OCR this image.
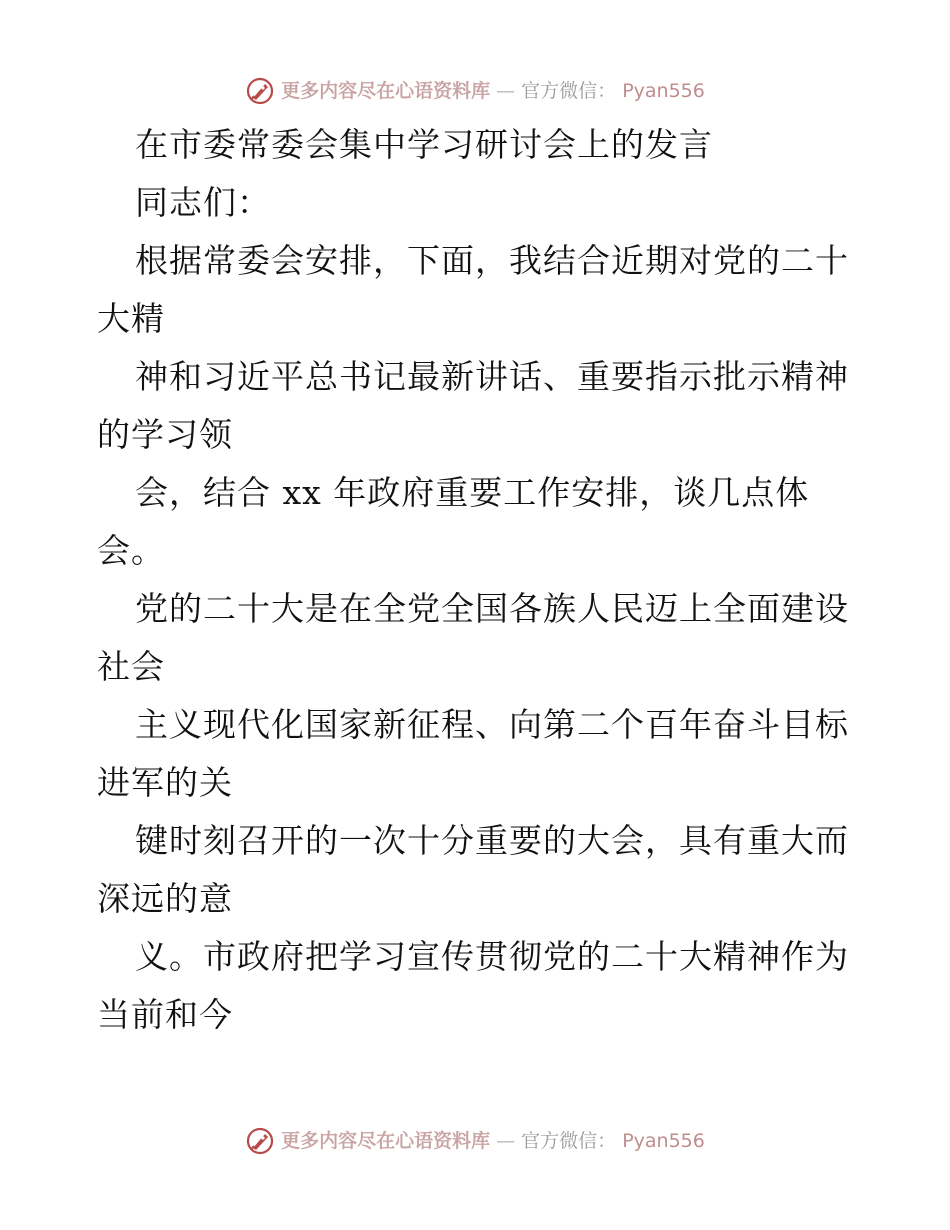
更多内容尽在心语资料库 — 官方微信： Pyan556
在市委常委会集中学习研讨会上的发言
同志们：
根据常委会安排，下面，我结合近期对党的二十
大精
神和习近平总书记最新讲话、重要指示批示精神
的学习领
会，结合 xx 年政府重要工作安排，谈几点体
会。
党的二十大是在全党全国各族人民迈上全面建设
社会
主义现代化国家新征程、向第二个百年奋斗目标
进军的关
键时刻召开的一次十分重要的大会，具有重大而
深远的意
义。市政府把学习宣传贯彻党的二十大精神作为
当前和今
更多内容尽在心语资料库 — 官方微信： Pyan556
